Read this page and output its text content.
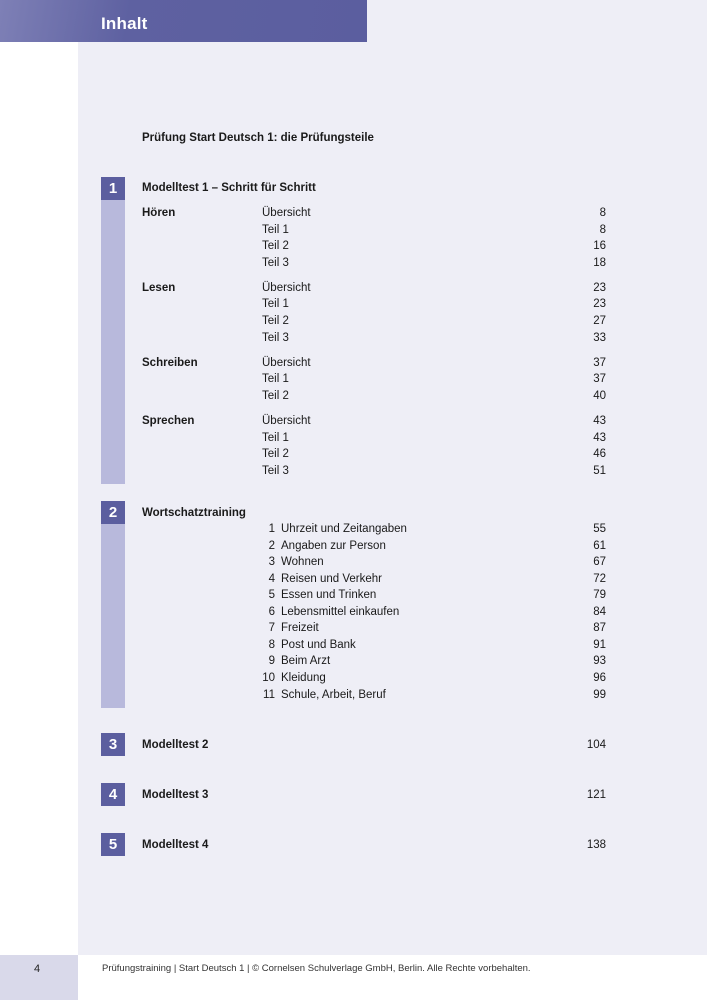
Inhalt
Prüfung Start Deutsch 1: die Prüfungsteile
1	Modelltest 1 – Schritt für Schritt
Hören	Übersicht	8
Teil 1	8
Teil 2	16
Teil 3	18
Lesen	Übersicht	23
Teil 1	23
Teil 2	27
Teil 3	33
Schreiben	Übersicht	37
Teil 1	37
Teil 2	40
Sprechen	Übersicht	43
Teil 1	43
Teil 2	46
Teil 3	51
2	Wortschatztraining
1 Uhrzeit und Zeitangaben	55
2 Angaben zur Person	61
3 Wohnen	67
4 Reisen und Verkehr	72
5 Essen und Trinken	79
6 Lebensmittel einkaufen	84
7 Freizeit	87
8 Post und Bank	91
9 Beim Arzt	93
10 Kleidung	96
11 Schule, Arbeit, Beruf	99
3	Modelltest 2	104
4	Modelltest 3	121
5	Modelltest 4	138
4	Prüfungstraining | Start Deutsch 1 | © Cornelsen Schulverlage GmbH, Berlin. Alle Rechte vorbehalten.
